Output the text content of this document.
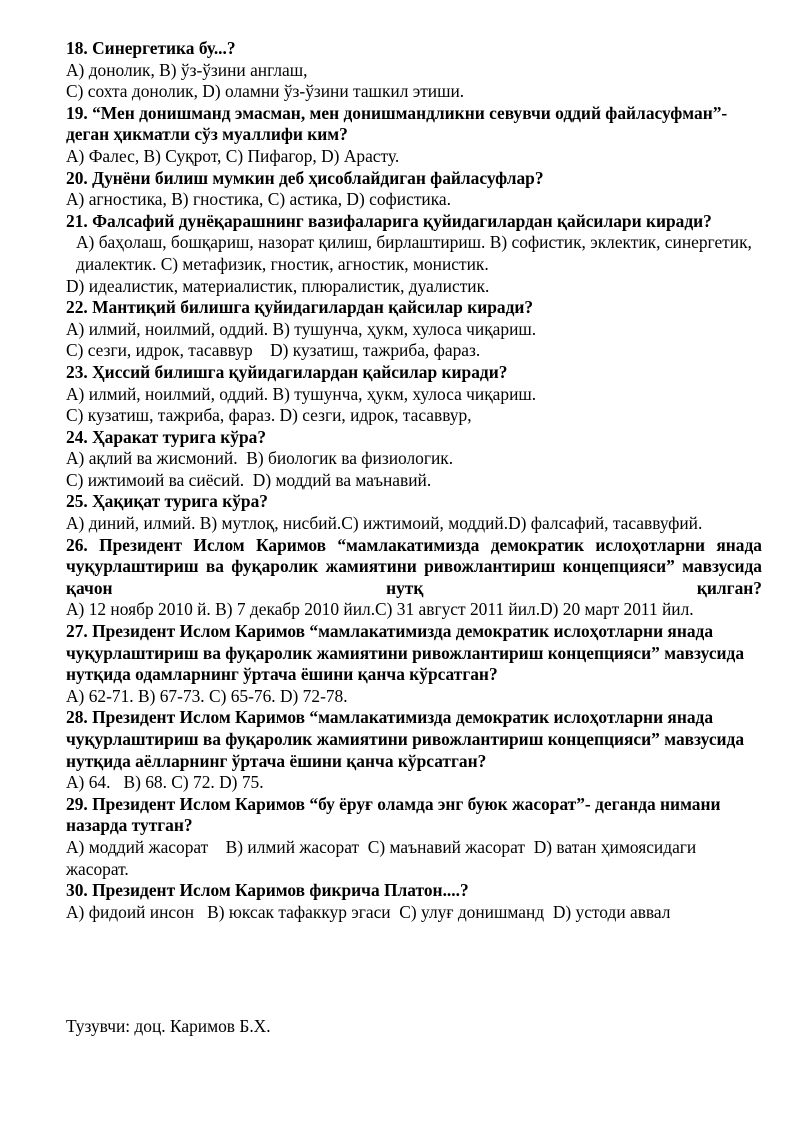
18. Синергетика бу...?
A) донолик, B) ўз-ўзини англаш,
C) сохта донолик, D) оламни ўз-ўзини ташкил этиши.
19. “Мен донишманд эмасман, мен донишмандликни севувчи оддий файласуфман”- деган ҳикматли сўз муаллифи ким?
A) Фалес, B) Суқрот, C) Пифагор, D) Арасту.
20. Дунёни билиш мумкин деб ҳисоблайдиган файласуфлар?
A) агностика, B) гностика, C) астика, D) софистика.
21. Фалсафий дунёқарашнинг вазифаларига қуйидагилардан қайсилари киради?
A) баҳолаш, бошқариш, назорат қилиш, бирлаштириш. B) софистик, эклектик, синергетик, диалектик. C) метафизик, гностик, агностик, монистик.
D) идеалистик, материалистик, плюралистик, дуалистик.
22. Мантиқий билишга қуйидагилардан қайсилар киради?
A) илмий, ноилмий, оддий. B) тушунча, ҳукм, хулоса чиқариш.
C) сезги, идрок, тасаввур    D) кузатиш, тажриба, фараз.
23. Ҳиссий билишга қуйидагилардан қайсилар киради?
A) илмий, ноилмий, оддий. B) тушунча, ҳукм, хулоса чиқариш.
C) кузатиш, тажриба, фараз. D) сезги, идрок, тасаввур,
24. Ҳаракат турига кўра?
A) ақлий ва жисмоний.  B) биологик ва физиологик.
C) ижтимоий ва сиёсий.  D) моддий ва маънавий.
25. Ҳақиқат турига кўра?
A) диний, илмий. B) мутлоқ, нисбий.C) ижтимоий, моддий.D) фалсафий, тасаввуфий.
26. Президент Ислом Каримов “мамлакатимизда демократик ислоҳотларни янада чуқурлаштириш ва фуқаролик жамиятини ривожлантириш концепцияси” мавзусида қачон нутқ қилган?
A) 12 ноябр 2010 й. B) 7 декабр 2010 йил.C) 31 август 2011 йил.D) 20 март 2011 йил.
27. Президент Ислом Каримов “мамлакатимизда демократик ислоҳотларни янада чуқурлаштириш ва фуқаролик жамиятини ривожлантириш концепцияси” мавзусида нутқида одамларнинг ўртача ёшини қанча кўрсатган?
A) 62-71. B) 67-73. C) 65-76. D) 72-78.
28. Президент Ислом Каримов “мамлакатимизда демократик ислоҳотларни янада чуқурлаштириш ва фуқаролик жамиятини ривожлантириш концепцияси” мавзусида нутқида аёлларнинг ўртача ёшини қанча кўрсатган?
A) 64.   B) 68. C) 72. D) 75.
29. Президент Ислом Каримов “бу ёруғ оламда энг буюк жасорат”- деганда нимани назарда тутган?
A) моддий жасорат    B) илмий жасорат  C) маънавий жасорат  D) ватан ҳимоясидаги жасорат.
30. Президент Ислом Каримов фикрича Платон....?
A) фидоий инсон   B) юксак тафаккур эгаси  C) улуғ донишманд  D) устоди аввал
Тузувчи: доц. Каримов Б.Х.
